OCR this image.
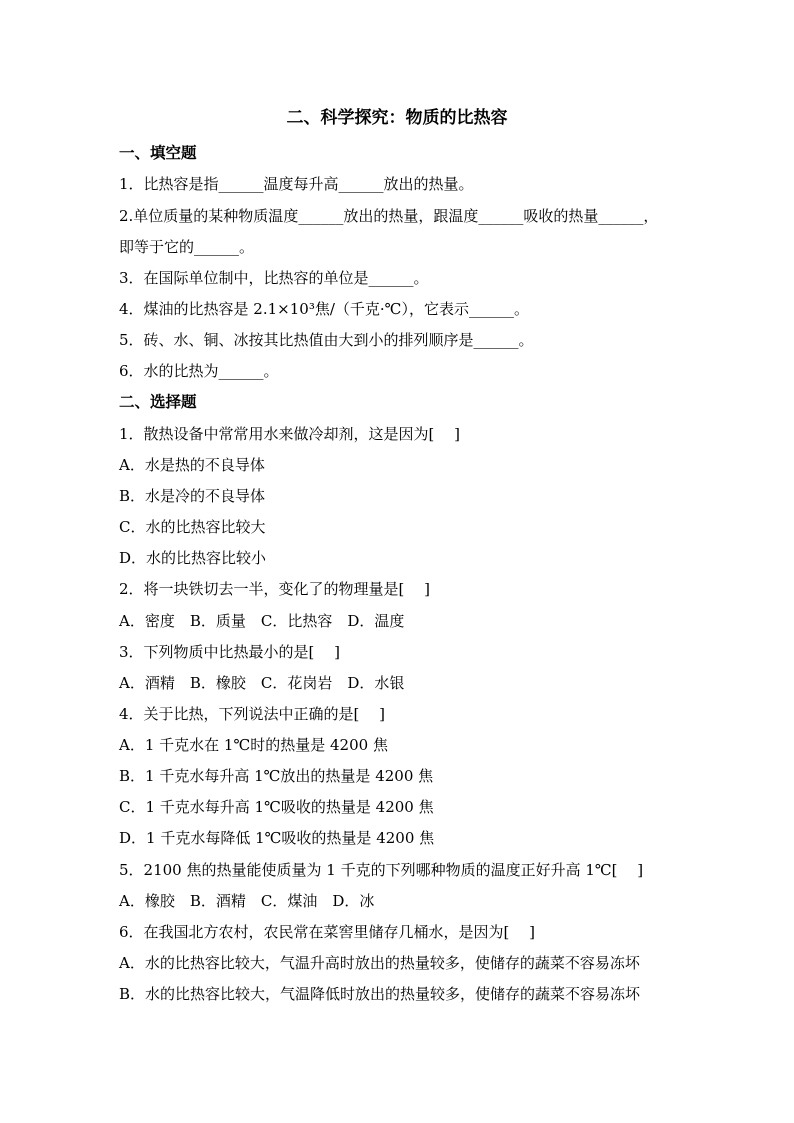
二、科学探究：物质的比热容

一、填空题

1．比热容是指______温度每升高______放出的热量。

2.单位质量的某种物质温度______放出的热量，跟温度______吸收的热量______，

即等于它的______。

3．在国际单位制中，比热容的单位是______。

4．煤油的比热容是 2.1×10³焦/（千克·℃），它表示______。

5．砖、水、铜、冰按其比热值由大到小的排列顺序是______。

6．水的比热为______。

二、选择题

1．散热设备中常常用水来做冷却剂，这是因为[　 ]

A．水是热的不良导体

B．水是冷的不良导体

C．水的比热容比较大

D．水的比热容比较小

2．将一块铁切去一半，变化了的物理量是[　 ]

A．密度　B．质量　C．比热容　D．温度

3．下列物质中比热最小的是[　 ]

A．酒精　B．橡胶　C．花岗岩　D．水银

4．关于比热，下列说法中正确的是[　 ]

A．1 千克水在 1℃时的热量是 4200 焦

B．1 千克水每升高 1℃放出的热量是 4200 焦

C．1 千克水每升高 1℃吸收的热量是 4200 焦

D．1 千克水每降低 1℃吸收的热量是 4200 焦

5．2100 焦的热量能使质量为 1 千克的下列哪种物质的温度正好升高 1℃[　 ]

A．橡胶　B．酒精　C．煤油　D．冰

6．在我国北方农村，农民常在菜窖里储存几桶水，是因为[　 ]

A．水的比热容比较大，气温升高时放出的热量较多，使储存的蔬菜不容易冻坏

B．水的比热容比较大，气温降低时放出的热量较多，使储存的蔬菜不容易冻坏
